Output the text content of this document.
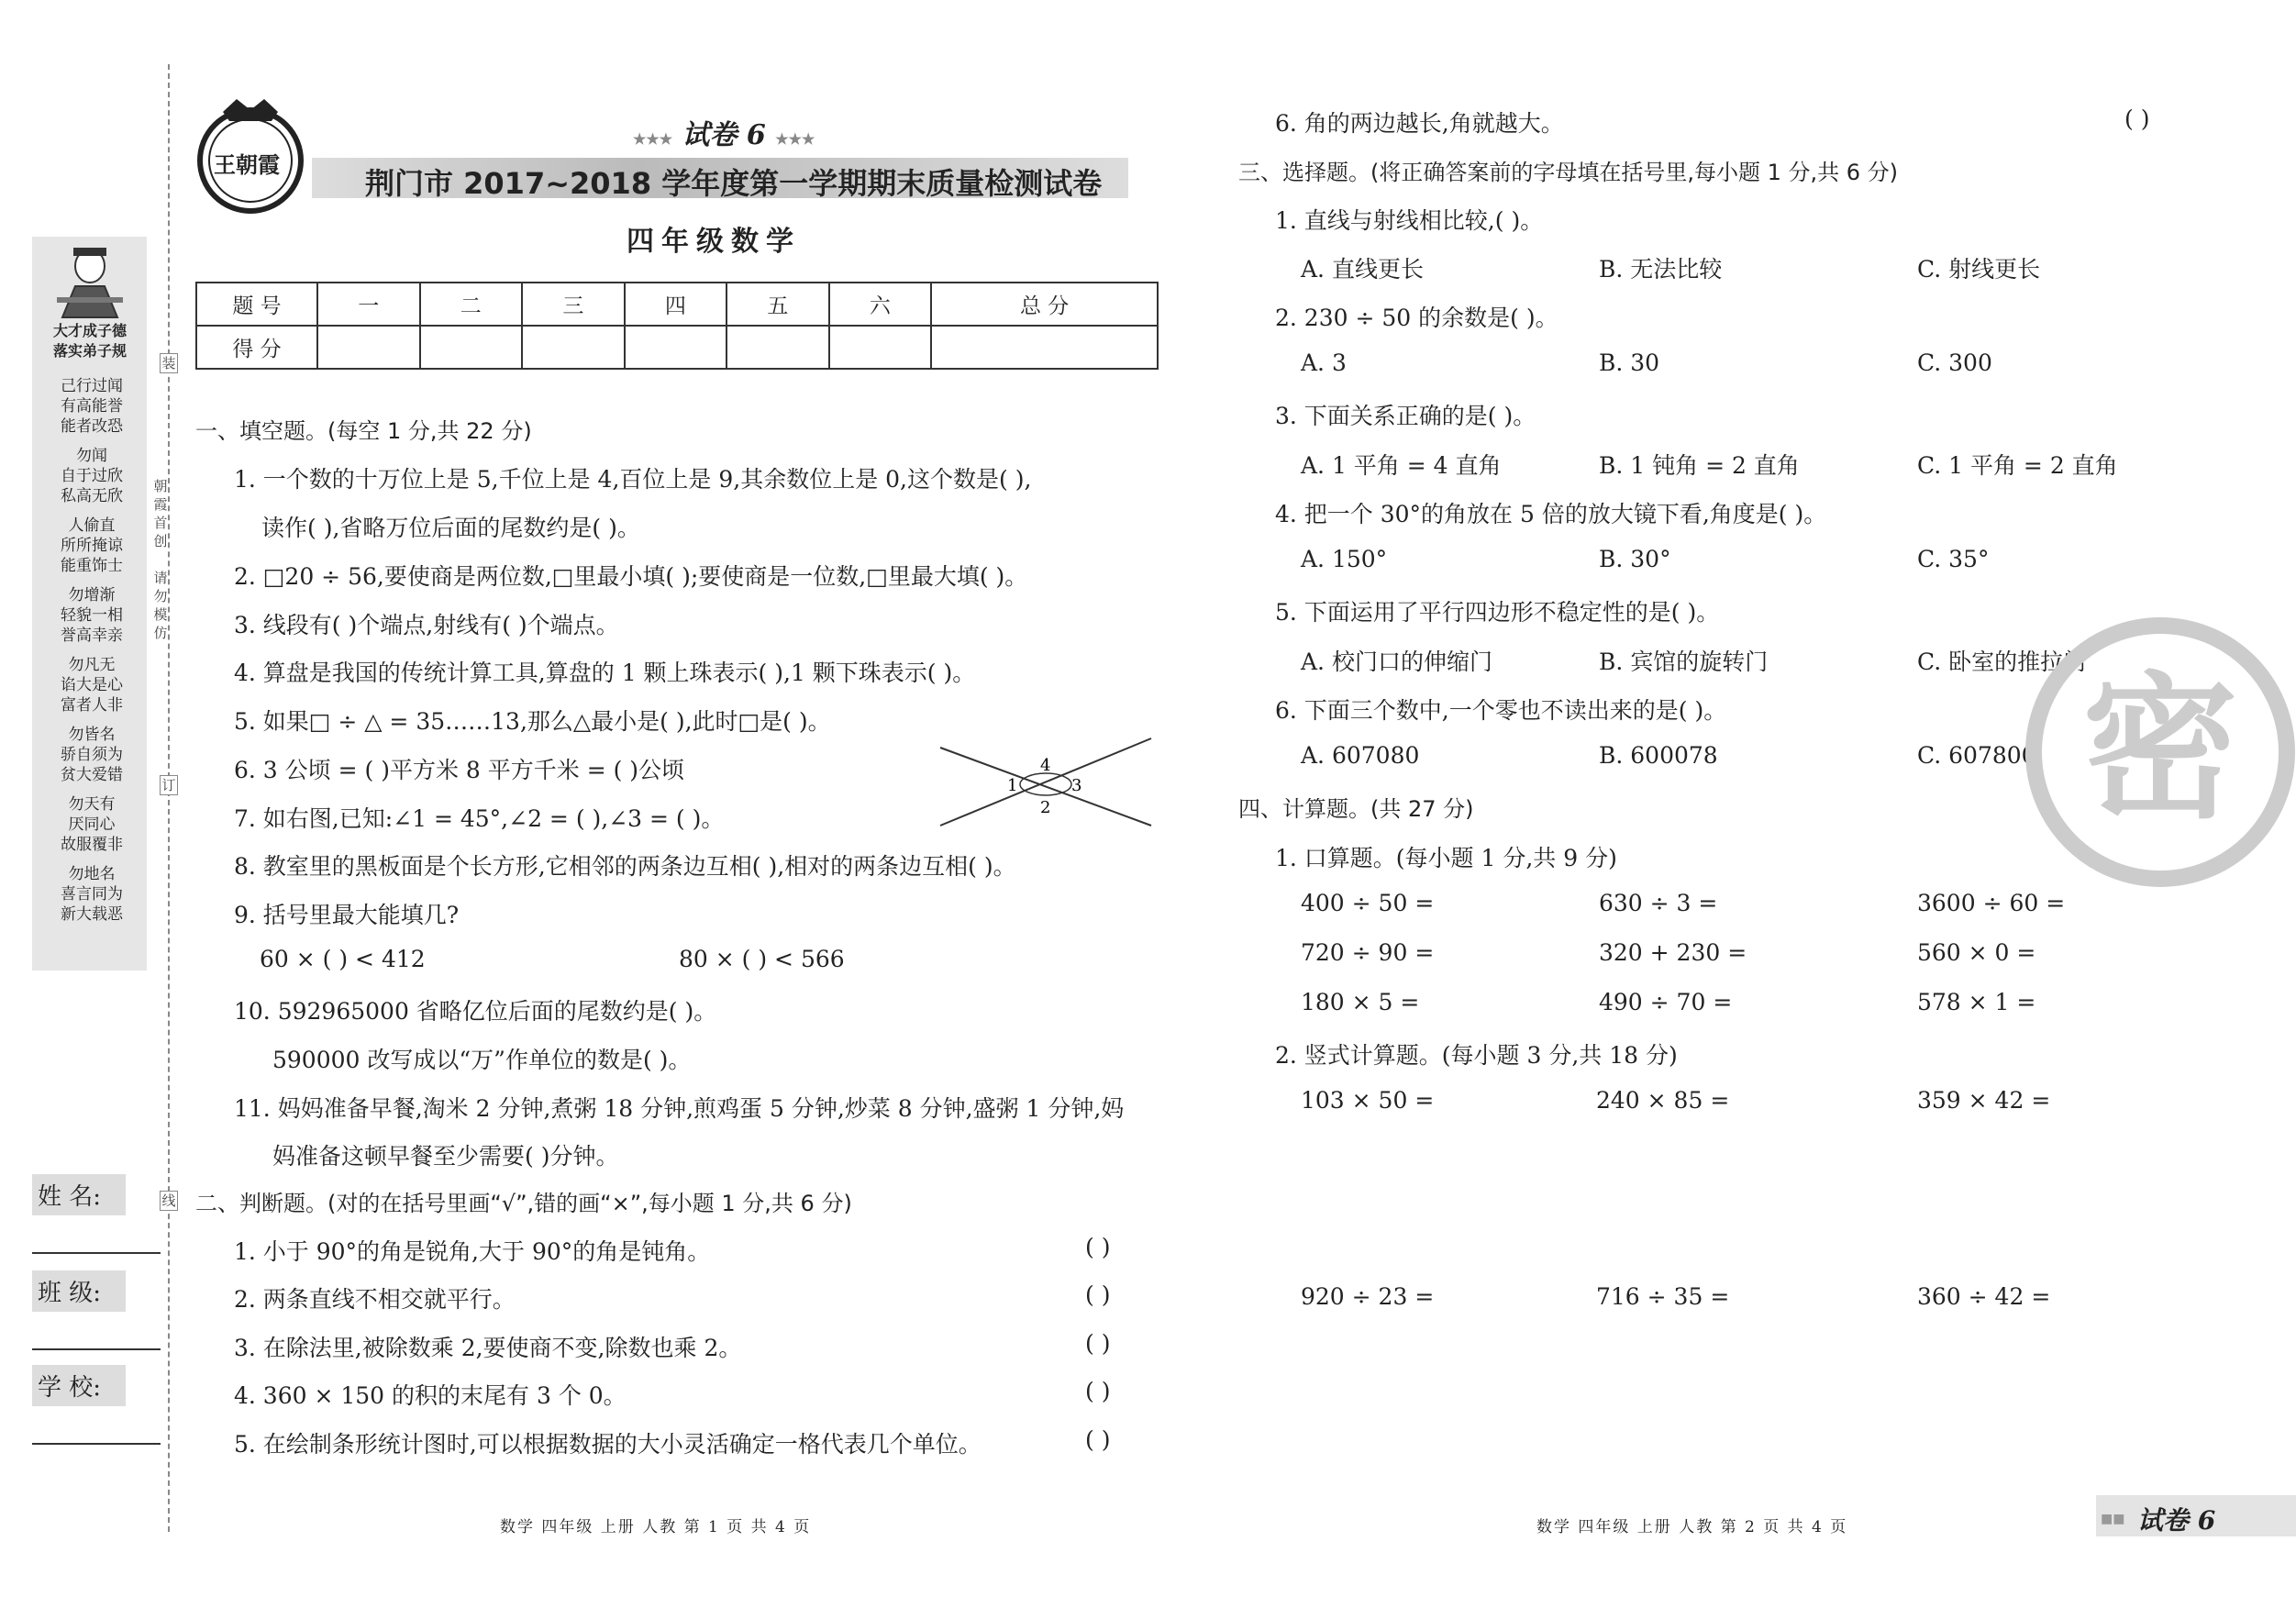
大才成子德
落实弟子规
己行过闻
有高能誉
能者改恐
勿闻
自于过欣
私高无欣
人偷直
所所掩谅
能重饰士
勿增渐
轻貌一相
誉高幸亲
勿凡无
谄大是心
富者人非
勿皆名
骄自须为
贫大爱错
勿天有
厌同心
故服覆非
勿地名
喜言同为
新大载恶
装
订
线
朝霞首创
请勿模仿
姓 名:
班 级:
学 校:
王朝霞
★★★ 试卷 6 ★★★
荆门市 2017~2018 学年度第一学期期末质量检测试卷
四年级数学
题 号	一	二	三	四	五	六	总 分
得 分							
一、填空题。(每空 1 分,共 22 分)
1. 一个数的十万位上是 5,千位上是 4,百位上是 9,其余数位上是 0,这个数是( ),
读作( ),省略万位后面的尾数约是( )。
2. □20 ÷ 56,要使商是两位数,□里最小填( );要使商是一位数,□里最大填( )。
3. 线段有( )个端点,射线有( )个端点。
4. 算盘是我国的传统计算工具,算盘的 1 颗上珠表示( ),1 颗下珠表示( )。
5. 如果□ ÷ △ = 35……13,那么△最小是( ),此时□是( )。
6. 3 公顷 = ( )平方米 8 平方千米 = ( )公顷
7. 如右图,已知:∠1 = 45°,∠2 = ( ),∠3 = ( )。
8. 教室里的黑板面是个长方形,它相邻的两条边互相( ),相对的两条边互相( )。
9. 括号里最大能填几?
60 × ( ) < 412	80 × ( ) < 566
10. 592965000 省略亿位后面的尾数约是( )。
590000 改写成以“万”作单位的数是( )。
11. 妈妈准备早餐,淘米 2 分钟,煮粥 18 分钟,煎鸡蛋 5 分钟,炒菜 8 分钟,盛粥 1 分钟,妈
妈准备这顿早餐至少需要( )分钟。
4
1	3
2
二、判断题。(对的在括号里画“√”,错的画“×”,每小题 1 分,共 6 分)
1. 小于 90°的角是锐角,大于 90°的角是钝角。
2. 两条直线不相交就平行。
3. 在除法里,被除数乘 2,要使商不变,除数也乘 2。
4. 360 × 150 的积的末尾有 3 个 0。
5. 在绘制条形统计图时,可以根据数据的大小灵活确定一格代表几个单位。
( )
( )
( )
( )
( )
数学 四年级 上册 人教 第 1 页 共 4 页
6. 角的两边越长,角就越大。	( )
三、选择题。(将正确答案前的字母填在括号里,每小题 1 分,共 6 分)
1. 直线与射线相比较,( )。
A. 直线更长	B. 无法比较	C. 射线更长
2. 230 ÷ 50 的余数是( )。
A. 3	B. 30	C. 300
3. 下面关系正确的是( )。
A. 1 平角 = 4 直角	B. 1 钝角 = 2 直角	C. 1 平角 = 2 直角
4. 把一个 30°的角放在 5 倍的放大镜下看,角度是( )。
A. 150°	B. 30°	C. 35°
5. 下面运用了平行四边形不稳定性的是( )。
A. 校门口的伸缩门	B. 宾馆的旋转门	C. 卧室的推拉门
6. 下面三个数中,一个零也不读出来的是( )。
A. 607080	B. 600078	C. 607800
四、计算题。(共 27 分)
1. 口算题。(每小题 1 分,共 9 分)
400 ÷ 50 =	630 ÷ 3 =	3600 ÷ 60 =
720 ÷ 90 =	320 + 230 =	560 × 0 =
180 × 5 =	490 ÷ 70 =	578 × 1 =
2. 竖式计算题。(每小题 3 分,共 18 分)
103 × 50 =	240 × 85 =	359 × 42 =
920 ÷ 23 =	716 ÷ 35 =	360 ÷ 42 =
密
数学 四年级 上册 人教 第 2 页 共 4 页	■■ 试卷 6
